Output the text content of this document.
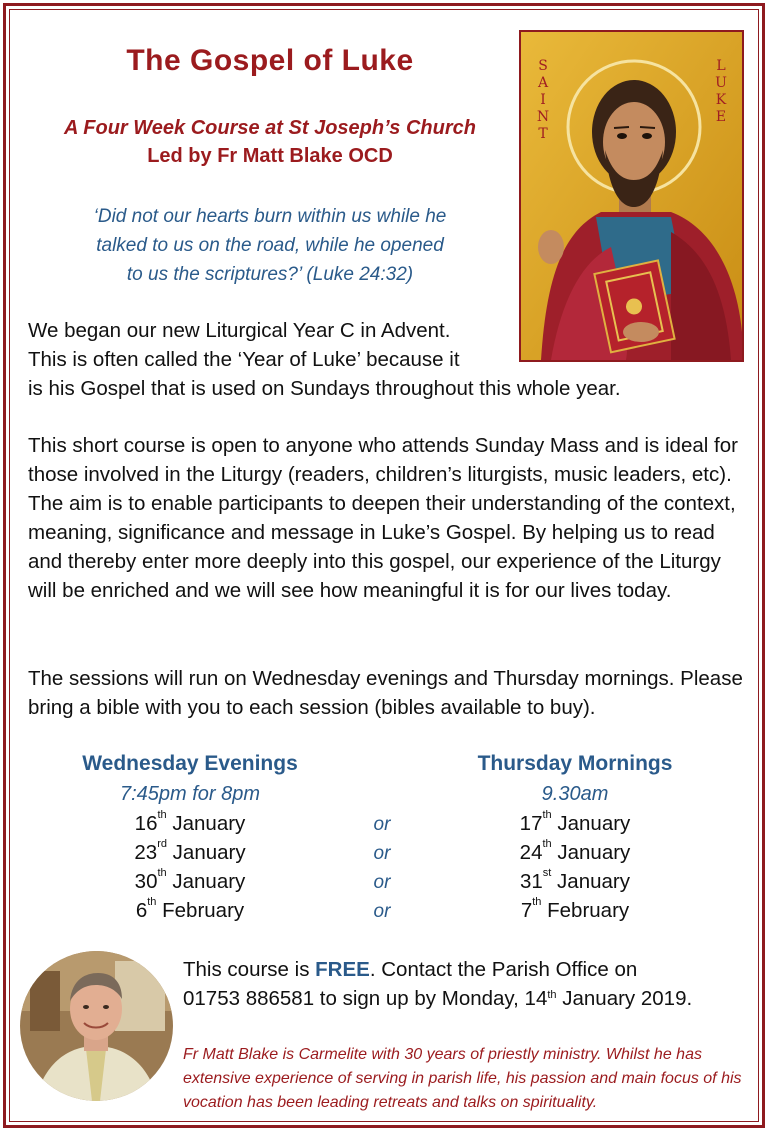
The Gospel of Luke
A Four Week Course at St Joseph’s Church
Led by Fr Matt Blake OCD
‘Did not our hearts burn within us while he
talked to us on the road, while he opened
to us the scriptures?’ (Luke 24:32)
S A I N T
L U K E
We began our new Liturgical Year C in Advent.
This is often called the ‘Year of Luke’ because it
is his Gospel that is used on Sundays throughout this whole year.
This short course is open to anyone who attends Sunday Mass and is ideal for those involved in the Liturgy (readers, children’s liturgists, music leaders, etc). The aim is to enable participants to deepen their understanding of the context, meaning, significance and message in Luke’s Gospel. By helping us to read and thereby enter more deeply into this gospel, our experience of the Liturgy will be enriched and we will see how meaningful it is for our lives today.
The sessions will run on Wednesday evenings and Thursday mornings. Please bring a bible with you to each session (bibles available to buy).
Wednesday Evenings	Thursday Mornings
7:45pm for 8pm	9.30am
16th January	or	17th January
23rd January	or	24th January
30th January	or	31st January
6th February	or	7th February
This course is FREE. Contact the Parish Office on
01753 886581 to sign up by Monday, 14th January 2019.
Fr Matt Blake is Carmelite with 30 years of priestly ministry. Whilst he has extensive experience of serving in parish life, his passion and main focus of his vocation has been leading retreats and talks on spirituality.
